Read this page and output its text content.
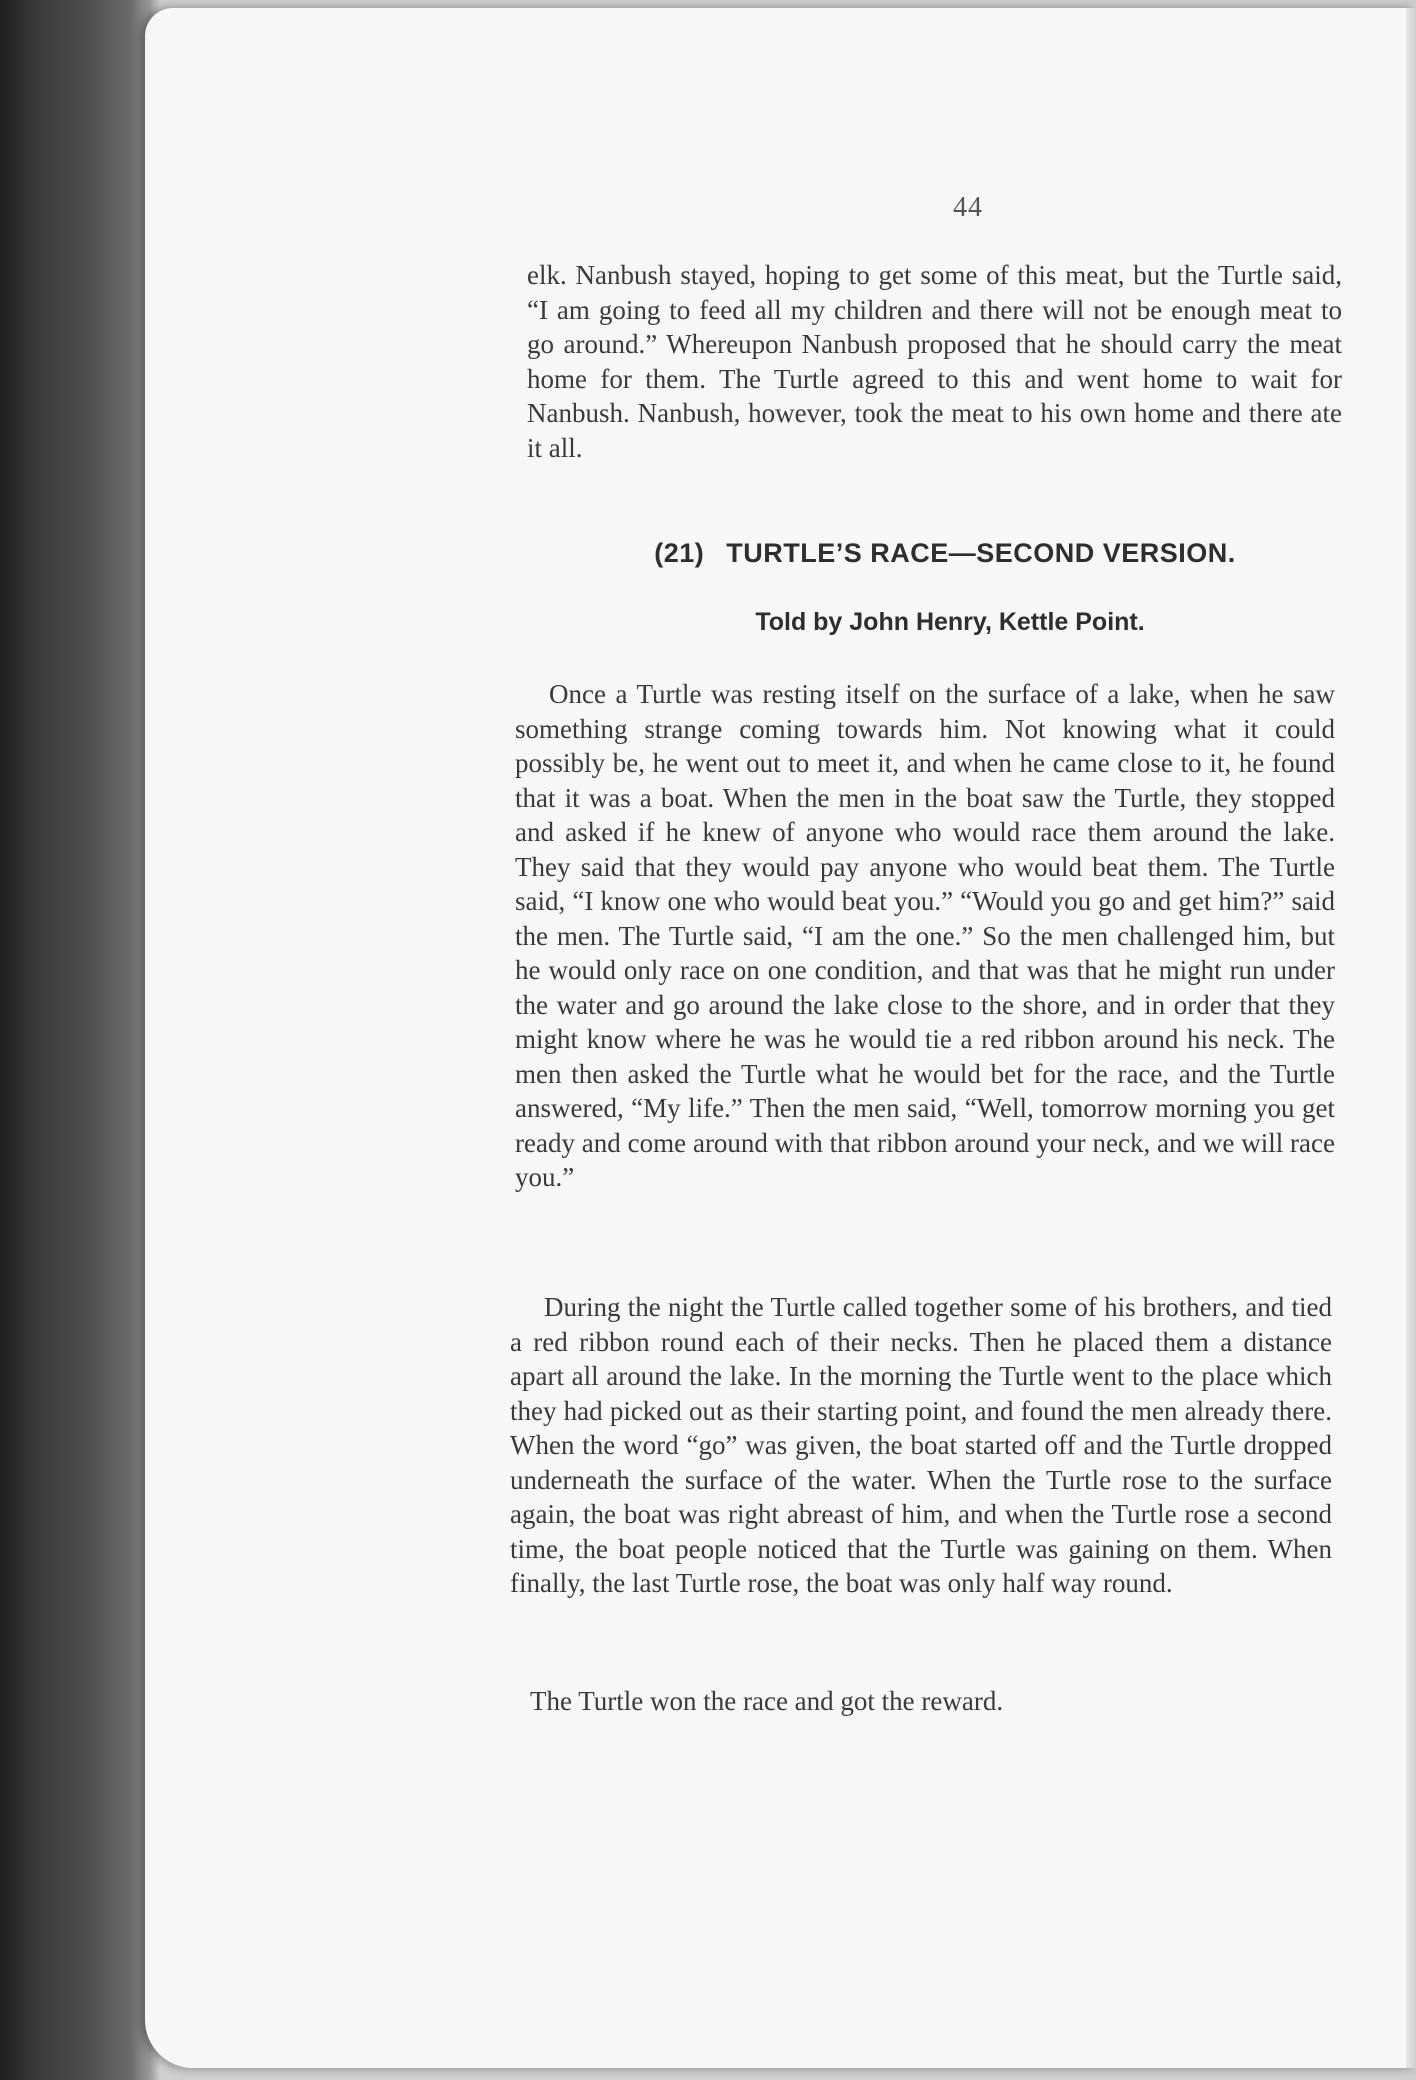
44

elk. Nanbush stayed, hoping to get some of this meat, but the Turtle said, “I am going to feed all my children and there will not be enough meat to go around.” Whereupon Nanbush proposed that he should carry the meat home for them. The Turtle agreed to this and went home to wait for Nanbush. Nanbush, however, took the meat to his own home and there ate it all.

(21) TURTLE’S RACE—SECOND VERSION.
Told by John Henry, Kettle Point.

Once a Turtle was resting itself on the surface of a lake, when he saw something strange coming towards him. Not knowing what it could possibly be, he went out to meet it, and when he came close to it, he found that it was a boat. When the men in the boat saw the Turtle, they stopped and asked if he knew of anyone who would race them around the lake. They said that they would pay anyone who would beat them. The Turtle said, “I know one who would beat you.” “Would you go and get him?” said the men. The Turtle said, “I am the one.” So the men challenged him, but he would only race on one condition, and that was that he might run under the water and go around the lake close to the shore, and in order that they might know where he was he would tie a red ribbon around his neck. The men then asked the Turtle what he would bet for the race, and the Turtle answered, “My life.” Then the men said, “Well, tomorrow morning you get ready and come around with that ribbon around your neck, and we will race you.”

During the night the Turtle called together some of his brothers, and tied a red ribbon round each of their necks. Then he placed them a distance apart all around the lake. In the morning the Turtle went to the place which they had picked out as their starting point, and found the men already there. When the word “go” was given, the boat started off and the Turtle dropped underneath the surface of the water. When the Turtle rose to the surface again, the boat was right abreast of him, and when the Turtle rose a second time, the boat people noticed that the Turtle was gaining on them. When finally, the last Turtle rose, the boat was only half way round.

The Turtle won the race and got the reward.
